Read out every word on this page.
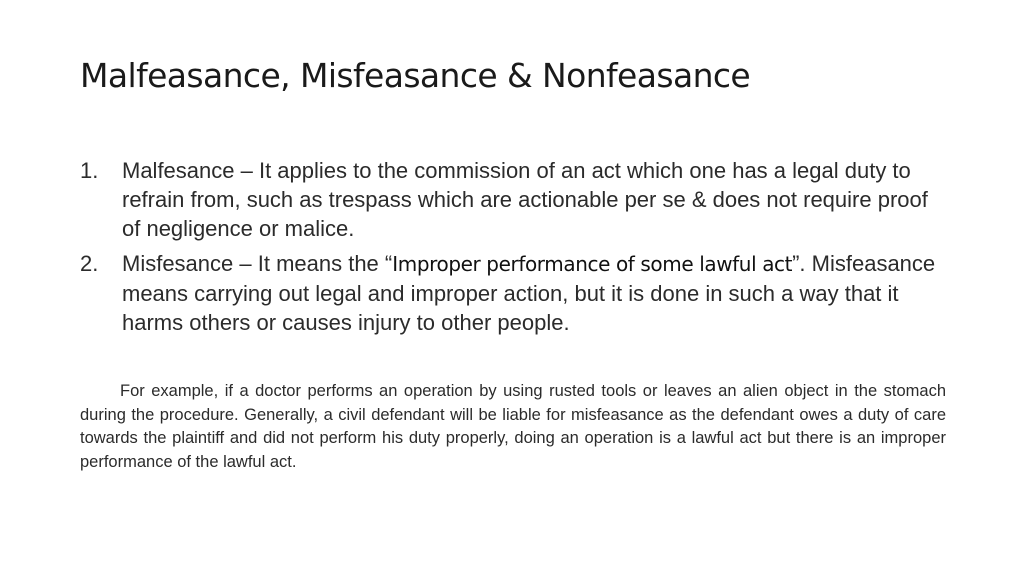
Malfeasance, Misfeasance & Nonfeasance
1.	Malfesance – It applies to the commission of an act which one has a legal duty to refrain from, such as trespass which are actionable per se & does not require proof of negligence or malice.
2.	Misfesance – It means the “Improper performance of some lawful act”. Misfeasance means carrying out legal and improper action, but it is done in such a way that it harms others or causes injury to other people.

For example, if a doctor performs an operation by using rusted tools or leaves an alien object in the stomach during the procedure. Generally, a civil defendant will be liable for misfeasance as the defendant owes a duty of care towards the plaintiff and did not perform his duty properly, doing an operation is a lawful act but there is an improper performance of the lawful act.
